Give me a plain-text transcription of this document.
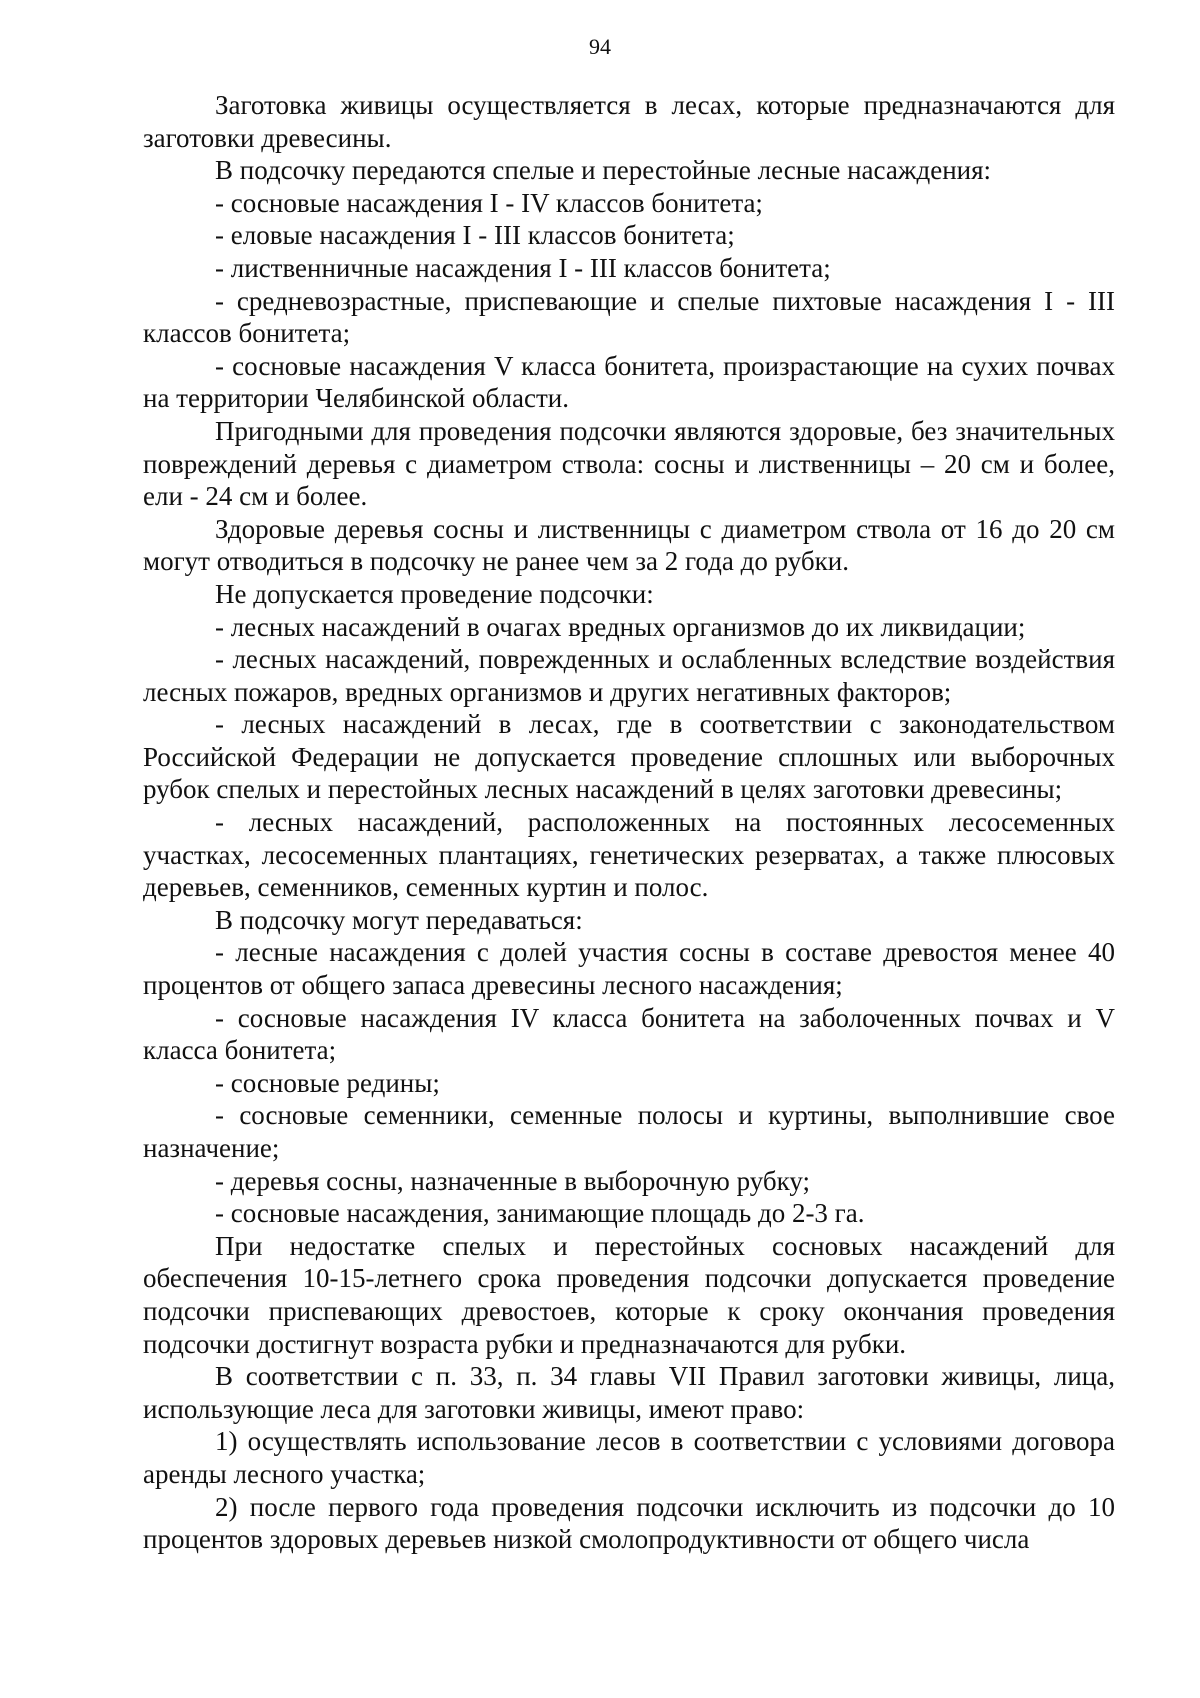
94

Заготовка живицы осуществляется в лесах, которые предназначаются для заготовки древесины.

В подсочку передаются спелые и перестойные лесные насаждения:

- сосновые насаждения I - IV классов бонитета;

- еловые насаждения I - III классов бонитета;

- лиственничные насаждения I - III классов бонитета;

- средневозрастные, приспевающие и спелые пихтовые насаждения I - III классов бонитета;

- сосновые насаждения V класса бонитета, произрастающие на сухих почвах на территории Челябинской области.

Пригодными для проведения подсочки являются здоровые, без значительных повреждений деревья с диаметром ствола: сосны и лиственницы – 20 см и более, ели - 24 см и более.

Здоровые деревья сосны и лиственницы с диаметром ствола от 16 до 20 см могут отводиться в подсочку не ранее чем за 2 года до рубки.

Не допускается проведение подсочки:

- лесных насаждений в очагах вредных организмов до их ликвидации;

- лесных насаждений, поврежденных и ослабленных вследствие воздействия лесных пожаров, вредных организмов и других негативных факторов;

- лесных насаждений в лесах, где в соответствии с законодательством Российской Федерации не допускается проведение сплошных или выборочных рубок спелых и перестойных лесных насаждений в целях заготовки древесины;

- лесных насаждений, расположенных на постоянных лесосеменных участках, лесосеменных плантациях, генетических резерватах, а также плюсовых деревьев, семенников, семенных куртин и полос.

В подсочку могут передаваться:

- лесные насаждения с долей участия сосны в составе древостоя менее 40 процентов от общего запаса древесины лесного насаждения;

- сосновые насаждения IV класса бонитета на заболоченных почвах и V класса бонитета;

- сосновые редины;

- сосновые семенники, семенные полосы и куртины, выполнившие свое назначение;

- деревья сосны, назначенные в выборочную рубку;

- сосновые насаждения, занимающие площадь до 2-3 га.

При недостатке спелых и перестойных сосновых насаждений для обеспечения 10-15-летнего срока проведения подсочки допускается проведение подсочки приспевающих древостоев, которые к сроку окончания проведения подсочки достигнут возраста рубки и предназначаются для рубки.

В соответствии с п. 33, п. 34 главы VII Правил заготовки живицы, лица, использующие леса для заготовки живицы, имеют право:

1) осуществлять использование лесов в соответствии с условиями договора аренды лесного участка;

2) после первого года проведения подсочки исключить из подсочки до 10 процентов здоровых деревьев низкой смолопродуктивности от общего числа
